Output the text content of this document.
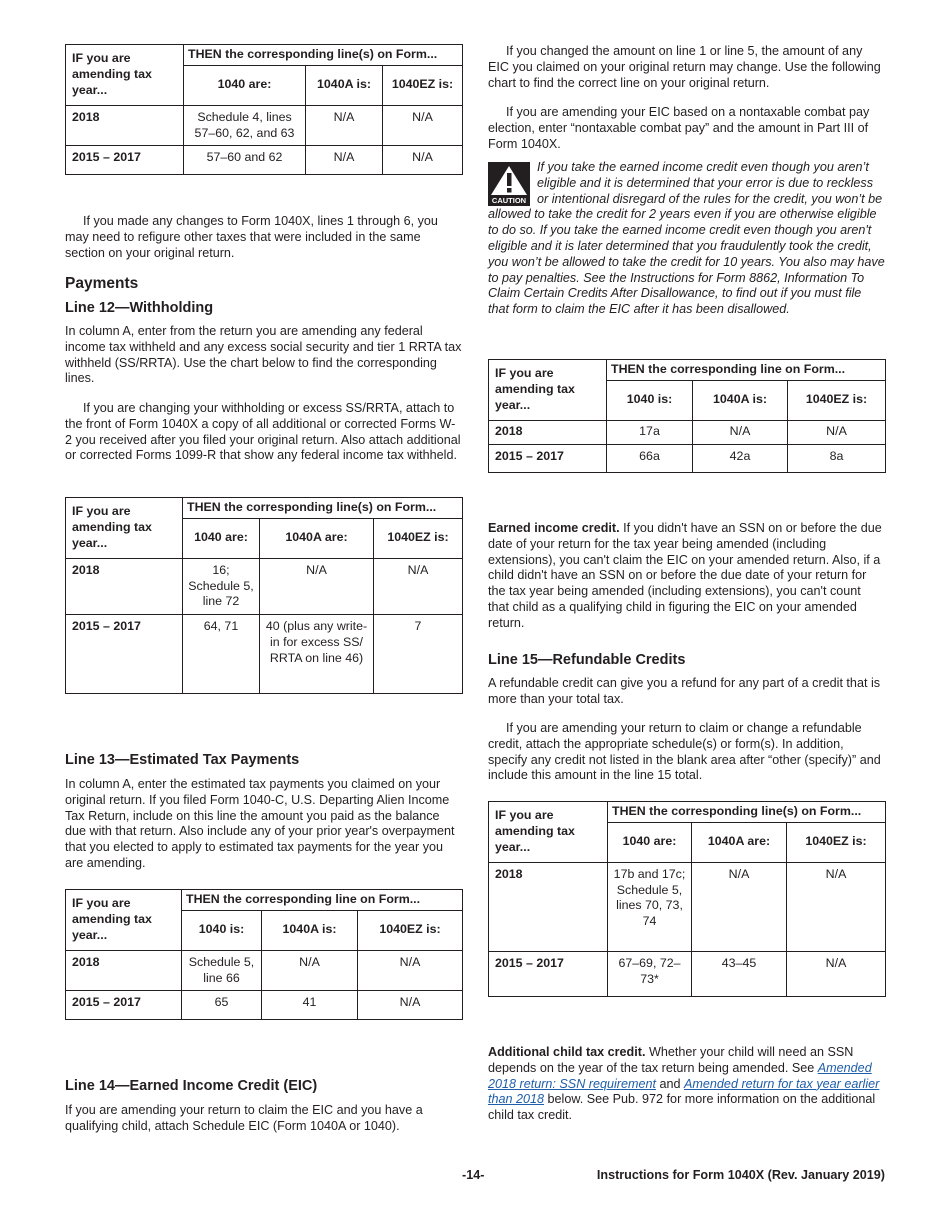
IF you are amending tax year...	THEN the corresponding line(s) on Form...		
	1040 are:	1040A is:	1040EZ is:
2018	Schedule 4, lines 57–60, 62, and 63	N/A	N/A
2015 – 2017	57–60 and 62	N/A	N/A

If you made any changes to Form 1040X, lines 1 through 6, you may need to refigure other taxes that were included in the same section on your original return.

Payments
Line 12—Withholding

In column A, enter from the return you are amending any federal income tax withheld and any excess social security and tier 1 RRTA tax withheld (SS/RRTA). Use the chart below to find the corresponding lines.

If you are changing your withholding or excess SS/RRTA, attach to the front of Form 1040X a copy of all additional or corrected Forms W-2 you received after you filed your original return. Also attach additional or corrected Forms 1099-R that show any federal income tax withheld.

IF you are amending tax year...	THEN the corresponding line(s) on Form...		
	1040 are:	1040A are:	1040EZ is:
2018	16; Schedule 5, line 72	N/A	N/A
2015 – 2017	64, 71	40 (plus any write-in for excess SS/ RRTA on line 46)	7
Line 13—Estimated Tax Payments

In column A, enter the estimated tax payments you claimed on your original return. If you filed Form 1040-C, U.S. Departing Alien Income Tax Return, include on this line the amount you paid as the balance due with that return. Also include any of your prior year's overpayment that you elected to apply to estimated tax payments for the year you are amending.

IF you are amending tax year...	THEN the corresponding line on Form...		
	1040 is:	1040A is:	1040EZ is:
2018	Schedule 5, line 66	N/A	N/A
2015 – 2017	65	41	N/A
Line 14—Earned Income Credit (EIC)

If you are amending your return to claim the EIC and you have a qualifying child, attach Schedule EIC (Form 1040A or 1040).

If you changed the amount on line 1 or line 5, the amount of any EIC you claimed on your original return may change. Use the following chart to find the correct line on your original return.

If you are amending your EIC based on a nontaxable combat pay election, enter “nontaxable combat pay” and the amount in Part III of Form 1040X.

CAUTION

If you take the earned income credit even though you aren’t eligible and it is determined that your error is due to reckless or intentional disregard of the rules for the credit, you won’t be allowed to take the credit for 2 years even if you are otherwise eligible to do so. If you take the earned income credit even though you aren't eligible and it is later determined that you fraudulently took the credit, you won’t be allowed to take the credit for 10 years. You also may have to pay penalties. See the Instructions for Form 8862, Information To Claim Certain Credits After Disallowance, to find out if you must file that form to claim the EIC after it has been disallowed.

IF you are amending tax year...	THEN the corresponding line on Form...		
	1040 is:	1040A is:	1040EZ is:
2018	17a	N/A	N/A
2015 – 2017	66a	42a	8a

Earned income credit. If you didn't have an SSN on or before the due date of your return for the tax year being amended (including extensions), you can't claim the EIC on your amended return. Also, if a child didn't have an SSN on or before the due date of your return for the tax year being amended (including extensions), you can't count that child as a qualifying child in figuring the EIC on your amended return.

Line 15—Refundable Credits

A refundable credit can give you a refund for any part of a credit that is more than your total tax.

If you are amending your return to claim or change a refundable credit, attach the appropriate schedule(s) or form(s). In addition, specify any credit not listed in the blank area after “other (specify)” and include this amount in the line 15 total.

IF you are amending tax year...	THEN the corresponding line(s) on Form...		
	1040 are:	1040A are:	1040EZ is:
2018	17b and 17c; Schedule 5, lines 70, 73, 74	N/A	N/A
2015 – 2017	67–69, 72–73*	43–45	N/A

Additional child tax credit. Whether your child will need an SSN depends on the year of the tax return being amended. See Amended 2018 return: SSN requirement and Amended return for tax year earlier than 2018 below. See Pub. 972 for more information on the additional child tax credit.

-14-	Instructions for Form 1040X (Rev. January 2019)
